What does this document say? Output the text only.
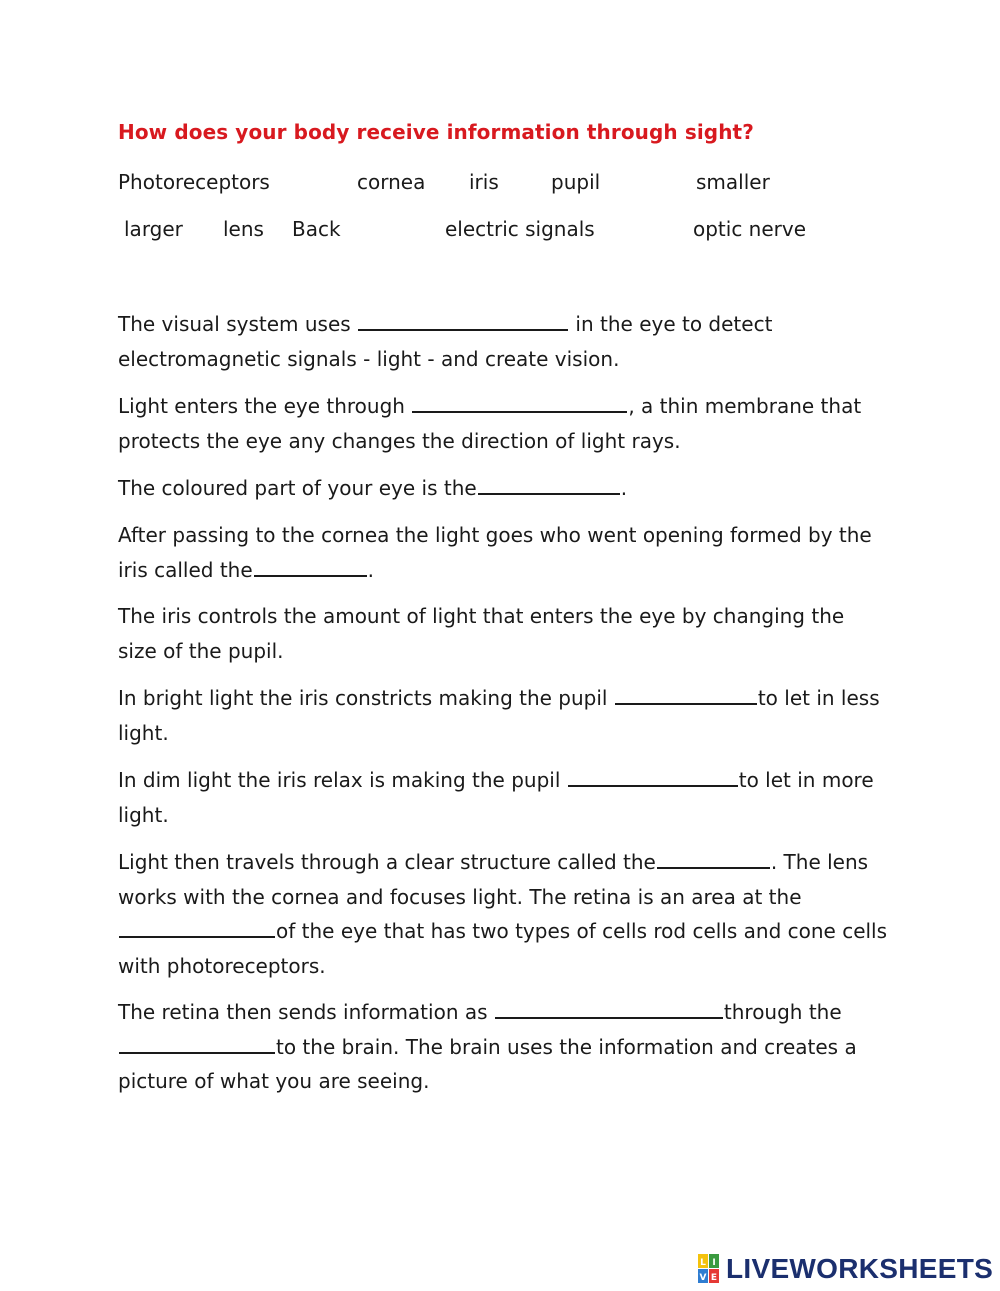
How does your body receive information through sight?
Photoreceptors	cornea iris	pupil	smaller
larger lens Back	electric signals	optic nerve
The visual system uses	in the eye to detect electromagnetic signals - light - and create vision.
Light enters the eye through	, a thin membrane that protects the eye any changes the direction of light rays.
The coloured part of your eye is the	.
After passing to the cornea the light goes who went opening formed by the iris called the	.
The iris controls the amount of light that enters the eye by changing the size of the pupil.
In bright light the iris constricts making the pupil	to let in less light.
In dim light the iris relax is making the pupil	to let in more light.
Light then travels through a clear structure called the	. The lens works with the cornea and focuses light. The retina is an area at the of the eye that has two types of cells rod cells and cone cells with photoreceptors.
The retina then sends information as	through the to the brain. The brain uses the information and creates a picture of what you are seeing.
L I
V E LIVEWORKSHEETS
